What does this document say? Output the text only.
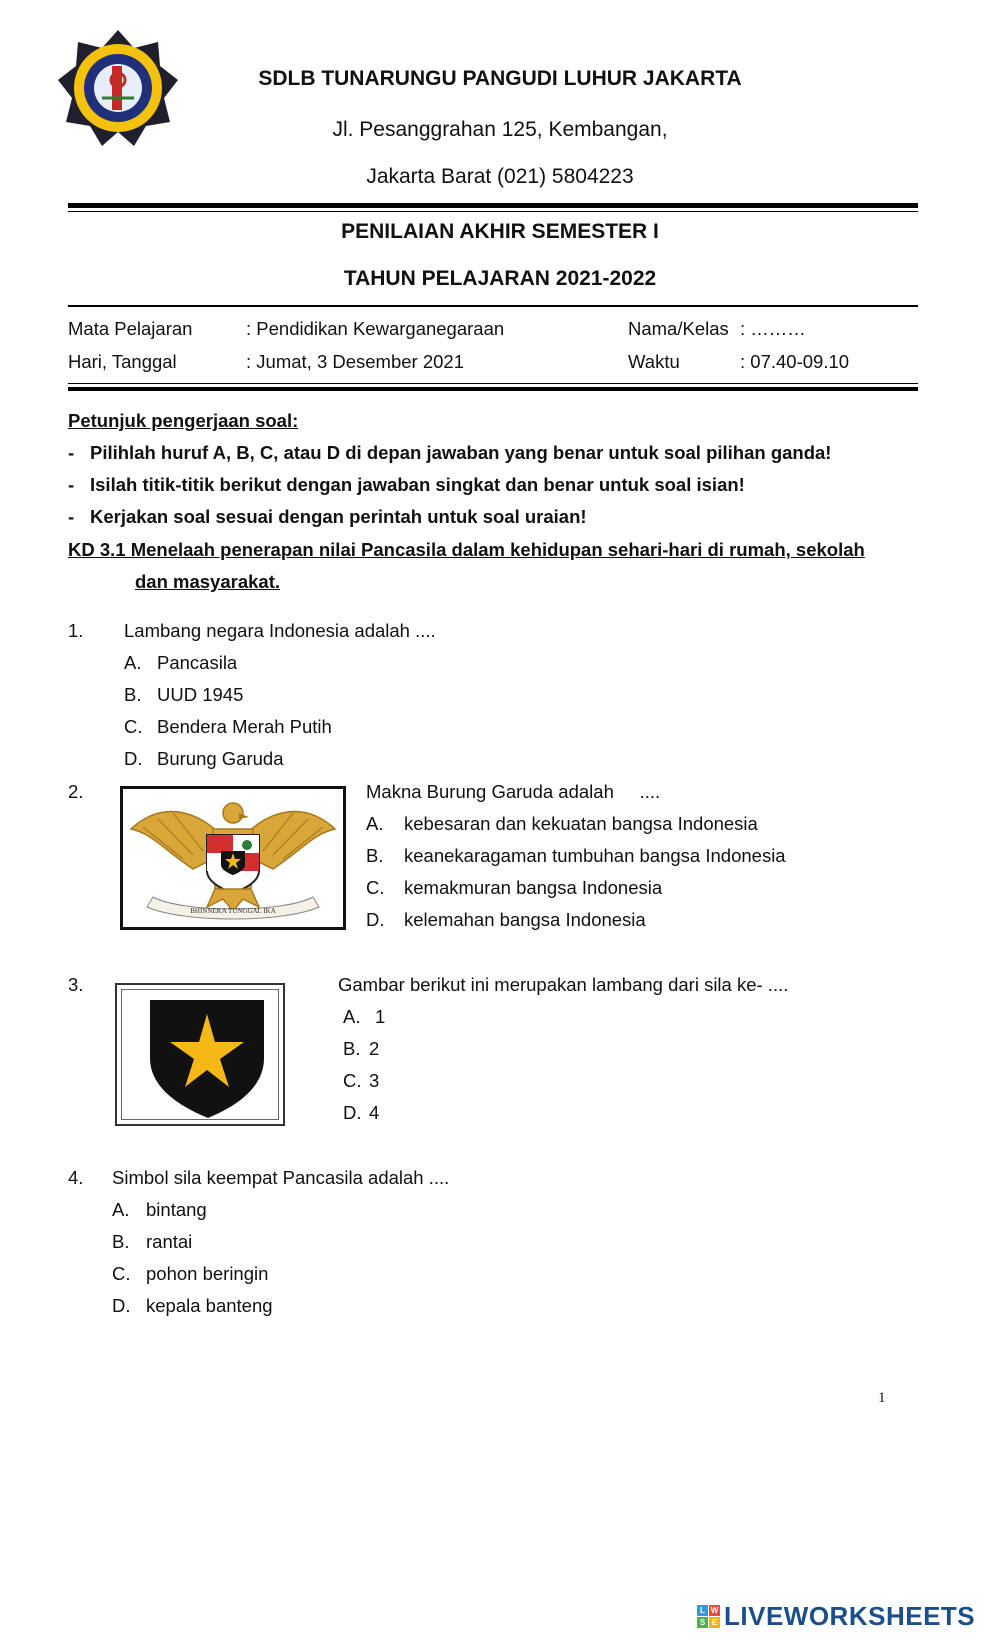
SDLB TUNARUNGU PANGUDI LUHUR JAKARTA
Jl. Pesanggrahan 125, Kembangan,
Jakarta Barat (021) 5804223
PENILAIAN AKHIR SEMESTER I
TAHUN PELAJARAN 2021-2022
Mata Pelajaran	: Pendidikan Kewarganegaraan	Nama/Kelas : ………
Hari, Tanggal	: Jumat, 3 Desember 2021	Waktu	: 07.40-09.10
Petunjuk pengerjaan soal:
- Pilihlah huruf A, B, C, atau D di depan jawaban yang benar untuk soal pilihan ganda!
- Isilah titik-titik berikut dengan jawaban singkat dan benar untuk soal isian!
- Kerjakan soal sesuai dengan perintah untuk soal uraian!
KD 3.1 Menelaah penerapan nilai Pancasila dalam kehidupan sehari-hari di rumah, sekolah
dan masyarakat.
1. Lambang negara Indonesia adalah ....
A. Pancasila
B. UUD 1945
C. Bendera Merah Putih
D. Burung Garuda
2.
BHINNEKA TUNGGAL IKA
Makna Burung Garuda adalah     ....
A. kebesaran dan kekuatan bangsa Indonesia
B. keanekaragaman tumbuhan bangsa Indonesia
C. kemakmuran bangsa Indonesia
D. kelemahan bangsa Indonesia
3.	Gambar berikut ini merupakan lambang dari sila ke- ....
A. 1
B. 2
C. 3
D. 4
4. Simbol sila keempat Pancasila adalah ....
A. bintang
B. rantai
C. pohon beringin
D. kepala banteng
1
L W
S E LIVEWORKSHEETS
